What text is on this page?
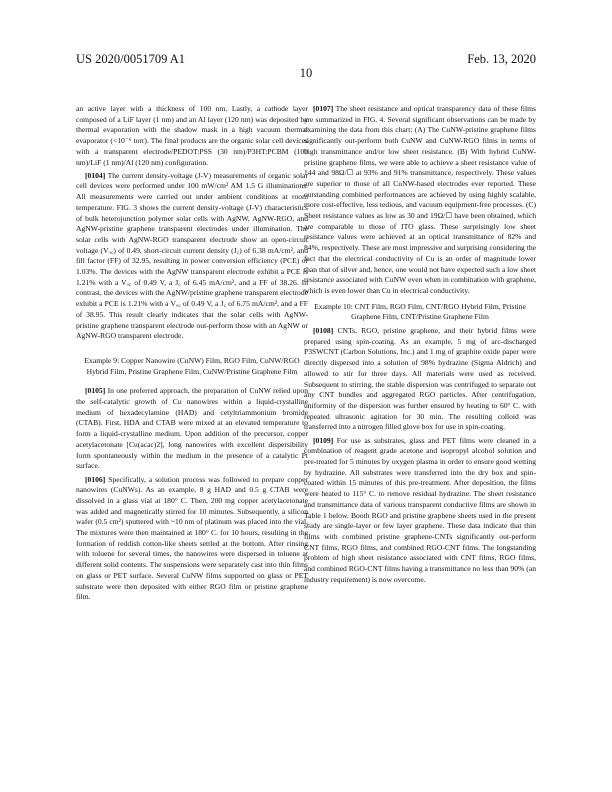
US 2020/0051709 A1	Feb. 13, 2020
10

an active layer with a thickness of 100 nm. Lastly, a cathode layer composed of a LiF layer (1 nm) and an Al layer (120 nm) was deposited by thermal evaporation with the shadow mask in a high vacuum thermal evaporator (<10⁻⁶ torr). The final products are the organic solar cell devices with a transparent electrode/PEDOT:PSS (30 nm)/P3HT:PCBM (100 nm)/LiF (1 nm)/Al (120 nm) configuration.

[0104] The current density-voltage (J-V) measurements of organic solar cell devices were performed under 100 mW/cm² AM 1.5 G illuminations. All measurements were carried out under ambient conditions at room temperature. FIG. 3 shows the current density-voltage (J-V) characteristics of bulk heterojunction polymer solar cells with AgNW, AgNW-RGO, and AgNW-pristine graphene transparent electrodes under illumination. The solar cells with AgNW-RGO transparent electrode show an open-circuit voltage (Vₒ꜀) of 0.49, short-circuit current density (J꜀) of 6.38 mA/cm², and fill factor (FF) of 32.95, resulting in power conversion efficiency (PCE) of 1.03%. The devices with the AgNW transparent electrode exhibit a PCE is 1.21% with a Vₒ꜀ of 0.49 V, a J꜀ of 6.45 mA/cm², and a FF of 38.26. In contrast, the devices with the AgNW/pristine graphene transparent electrode exhibit a PCE is 1.21% with a Vₒ꜀ of 0.49 V, a J꜀ of 6.75 mA/cm², and a FF of 38.95. This result clearly indicates that the solar cells with AgNW-pristine graphene transparent electrode out-perform those with an AgNW or AgNW-RGO transparent electrode.

Example 9: Copper Nanowire (CuNW) Film, RGO Film, CuNW/RGO Hybrid Film, Pristine Graphene Film, CuNW/Pristine Graphene Film

[0105] In one preferred approach, the preparation of CuNW relied upon the self-catalytic growth of Cu nanowires within a liquid-crystalline medium of hexadecylamine (HAD) and cetyltriammonium bromide (CTAB). First, HDA and CTAB were mixed at an elevated temperature to form a liquid-crystalline medium. Upon addition of the precursor, copper acetylacetonate [Cu(acac)2], long nanowires with excellent dispersibility form spontaneously within the medium in the presence of a catalytic Pt surface.

[0106] Specifically, a solution process was followed to prepare copper nanowires (CuNWs). As an example, 8 g HAD and 0.5 g CTAB were dissolved in a glass vial at 180° C. Then, 200 mg copper acetylacetonate was added and magnetically stirred for 10 minutes. Subsequently, a silicon wafer (0.5 cm²) sputtered with ~10 nm of platinum was placed into the vial. The mixtures were then maintained at 180° C. for 10 hours, resulting in the formation of reddish cotton-like sheets settled at the bottom. After rinsing with toluene for several times, the nanowires were dispersed in toluene at different solid contents. The suspensions were separately cast into thin films on glass or PET surface. Several CuNW films supported on glass or PET substrate were then deposited with either RGO film or pristine graphene film.

[0107] The sheet resistance and optical transparency data of these films are summarized in FIG. 4. Several significant observations can be made by examining the data from this chart: (A) The CuNW-pristine graphene films significantly out-perform both CuNW and CuNW-RGO films in terms of high transmittance and/or low sheet resistance. (B) With hybrid CuNW-pristine graphene films, we were able to achieve a sheet resistance value of 144 and 98Ω/☐ at 93% and 91% transmittance, respectively. These values are superior to those of all CuNW-based electrodes ever reported. These outstanding combined performances are achieved by using highly scalable, more cost-effective, less tedious, and vacuum equipment-free processes. (C) Sheet resistance values as low as 30 and 19Ω/☐ have been obtained, which are comparable to those of ITO glass. These surprisingly low sheet resistance values were achieved at an optical transmittance of 82% and 84%, respectively. These are most impressive and surprising considering the fact that the electrical conductivity of Cu is an order of magnitude lower than that of silver and, hence, one would not have expected such a low sheet resistance associated with CuNW even when in combination with graphene, which is even lower than Cu in electrical conductivity.

Example 10: CNT Film, RGO Film, CNT/RGO Hybrid Film, Pristine Graphene Film, CNT/Pristine Graphene Film

[0108] CNTs, RGO, pristine graphene, and their hybrid films were prepared using spin-coating. As an example, 5 mg of arc-discharged P3SWCNT (Carbon Solutions, Inc.) and 1 mg of graphite oxide paper were directly dispersed into a solution of 98% hydrazine (Sigma Aldrich) and allowed to stir for three days. All materials were used as received. Subsequent to stirring, the stable dispersion was centrifuged to separate out any CNT bundles and aggregated RGO particles. After centrifugation, uniformity of the dispersion was further ensured by heating to 60° C. with repeated ultrasonic agitation for 30 min. The resulting colloid was transferred into a nitrogen filled glove box for use in spin-coating.

[0109] For use as substrates, glass and PET films were cleaned in a combination of reagent grade acetone and isopropyl alcohol solution and pre-treated for 5 minutes by oxygen plasma in order to ensure good wetting by hydrazine. All substrates were transferred into the dry box and spin-coated within 15 minutes of this pre-treatment. After deposition, the films were heated to 115° C. to remove residual hydrazine. The sheet resistance and transmittance data of various transparent conductive films are shown in Table 1 below. Booth RGO and pristine graphene sheets used in the present study are single-layer or few layer graphene. These data indicate that thin films with combined pristine graphene-CNTs significantly out-perform CNT films, RGO films, and combined RGO-CNT films. The longstanding problem of high sheet resistance associated with CNT films, RGO films, and combined RGO-CNT films having a transmittance no less than 90% (an industry requirement) is now overcome.
